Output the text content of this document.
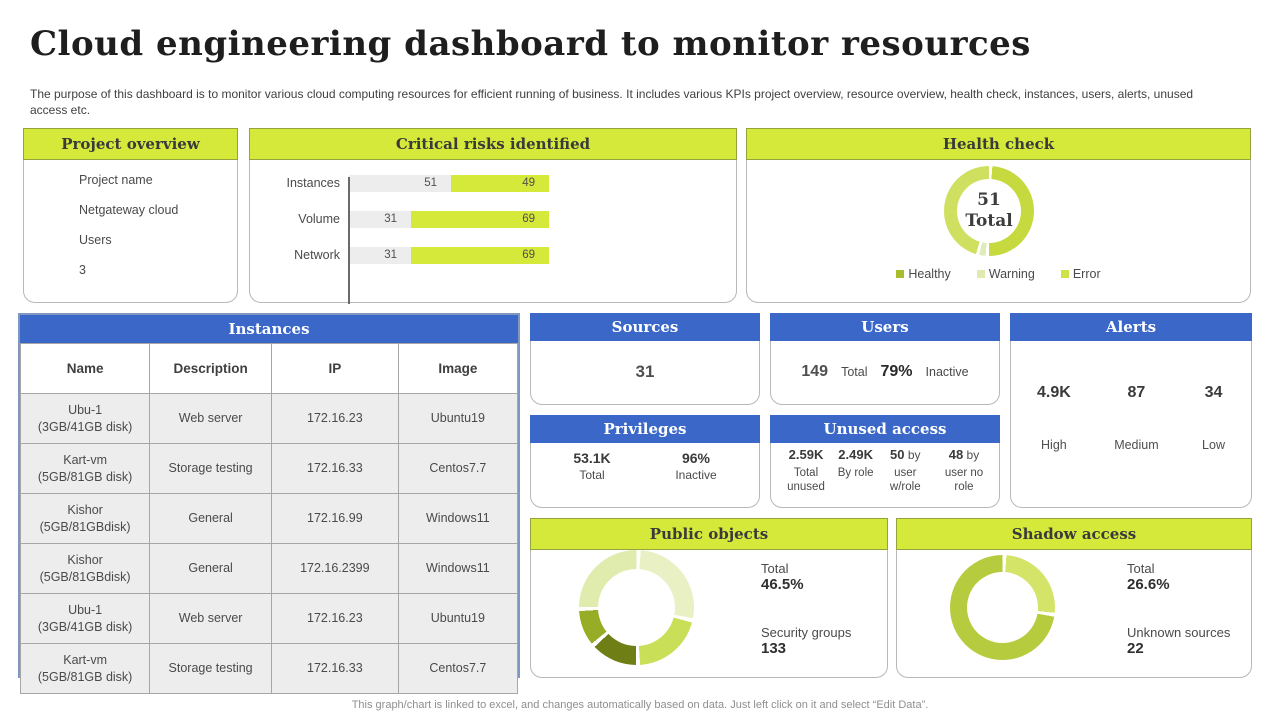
Cloud engineering dashboard to monitor resources
The purpose of this dashboard is to monitor various cloud computing resources for efficient running of business. It includes various KPIs project overview, resource overview, health check, instances, users, alerts, unused access etc.
Project overview
Project name
Netgateway cloud
Users
3
Critical risks identified
Instances	51	49
Volume	31	69
Network	31	69
Health check
51
Total
Healthy	Warning	Error
Instances
Name	Description	IP	Image

Ubu-1
(3GB/41GB disk)	Web server	172.16.23	Ubuntu19

Kart-vm
(5GB/81GB disk)	Storage testing	172.16.33	Centos7.7

Kishor
(5GB/81GBdisk)	General	172.16.99	Windows11

Kishor
(5GB/81GBdisk)	General	172.16.2399	Windows11

Ubu-1
(3GB/41GB disk)	Web server	172.16.23	Ubuntu19

Kart-vm
(5GB/81GB disk)	Storage testing	172.16.33	Centos7.7
Sources
31
Users
149 Total 79% Inactive
Alerts
4.9K
High
87
Medium
34
Low
Privileges
53.1K
Total
96%
Inactive
Unused access
2.59K
Total unused
2.49K
By role
50 by
user w/role
48 by
user no role
Public objects
Total
46.5%
Security groups
133
Shadow access
Total
26.6%
Unknown sources
22
This graph/chart is linked to excel, and changes automatically based on data. Just left click on it and select “Edit Data”.
